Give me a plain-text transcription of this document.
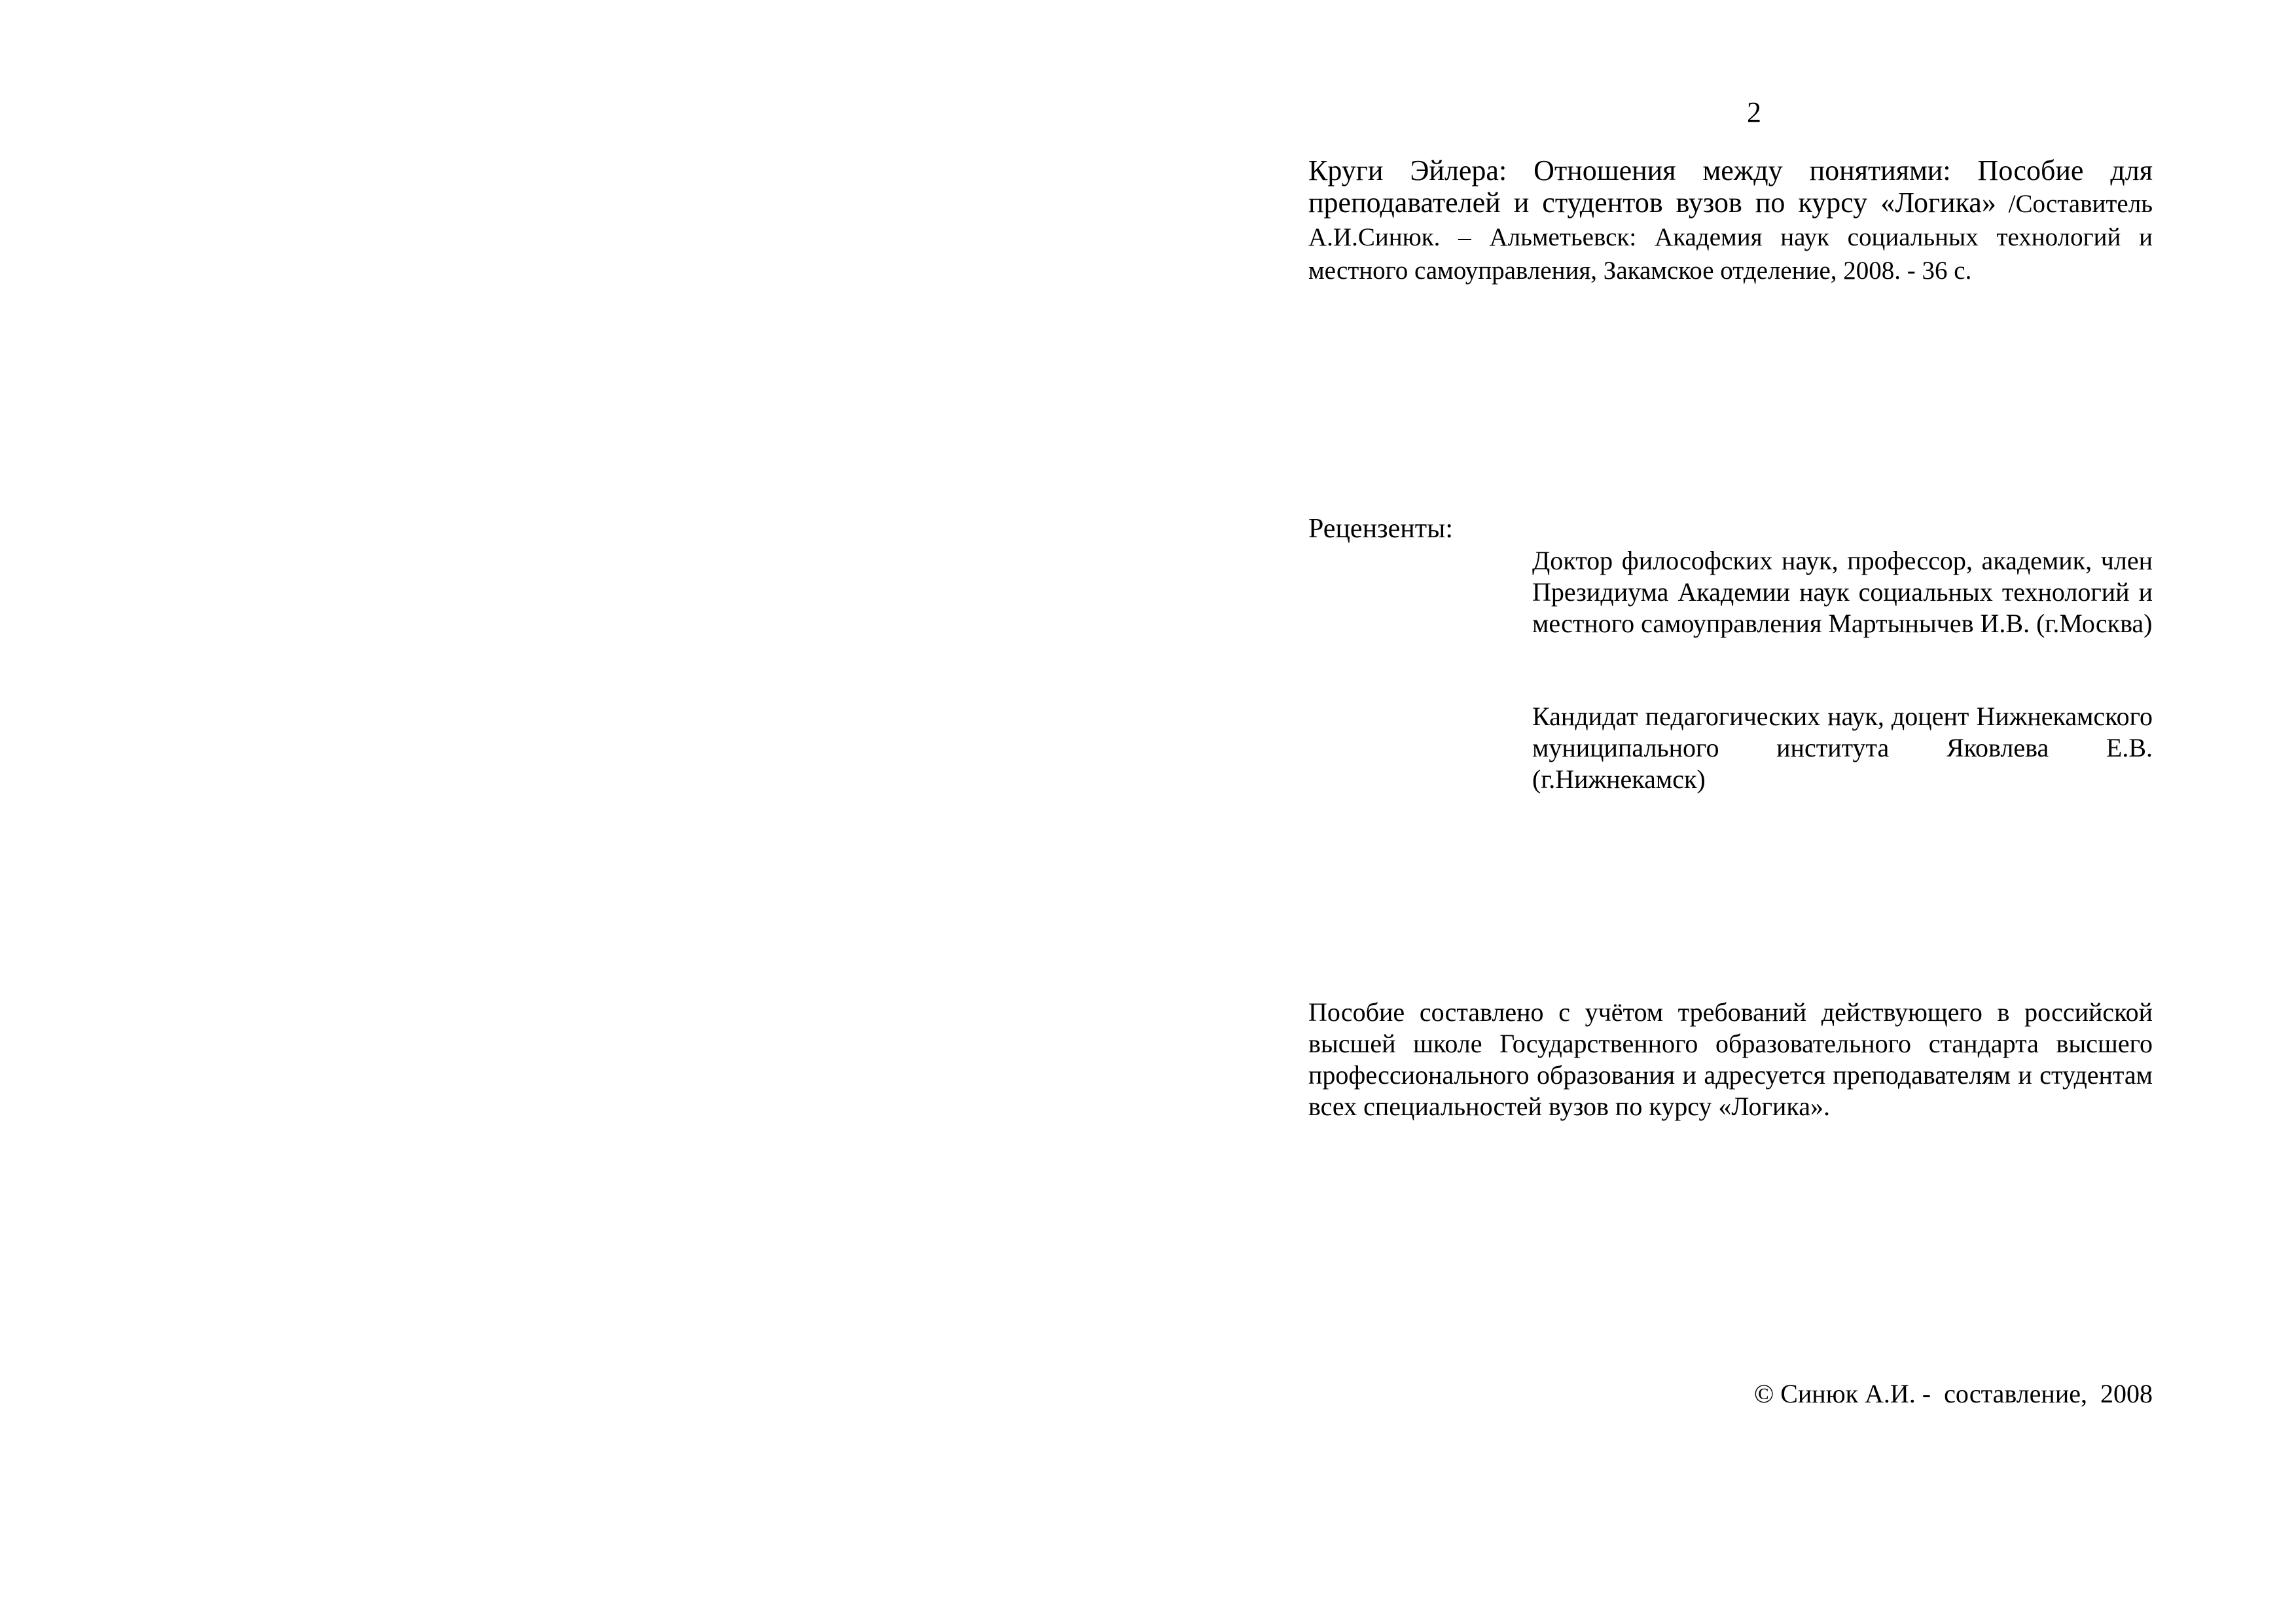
2
Круги Эйлера: Отношения между понятиями: Пособие для преподавателей и студентов вузов по курсу «Логика» /Составитель А.И.Синюк. – Альметьевск: Академия наук социальных технологий и местного самоуправления, Закамское отделение, 2008. - 36 с.
Рецензенты:
Доктор философских наук, профессор, академик, член Президиума Академии наук социальных технологий и местного самоуправления Мартынычев И.В. (г.Москва)
Кандидат педагогических наук, доцент Нижнекамского муниципального института Яковлева Е.В. (г.Нижнекамск)
Пособие составлено с учётом требований действующего в российской высшей школе Государственного образовательного стандарта высшего профессионального образования и адресуется преподавателям и студентам всех специальностей вузов по курсу «Логика».
© Синюк А.И. -  составление,  2008
